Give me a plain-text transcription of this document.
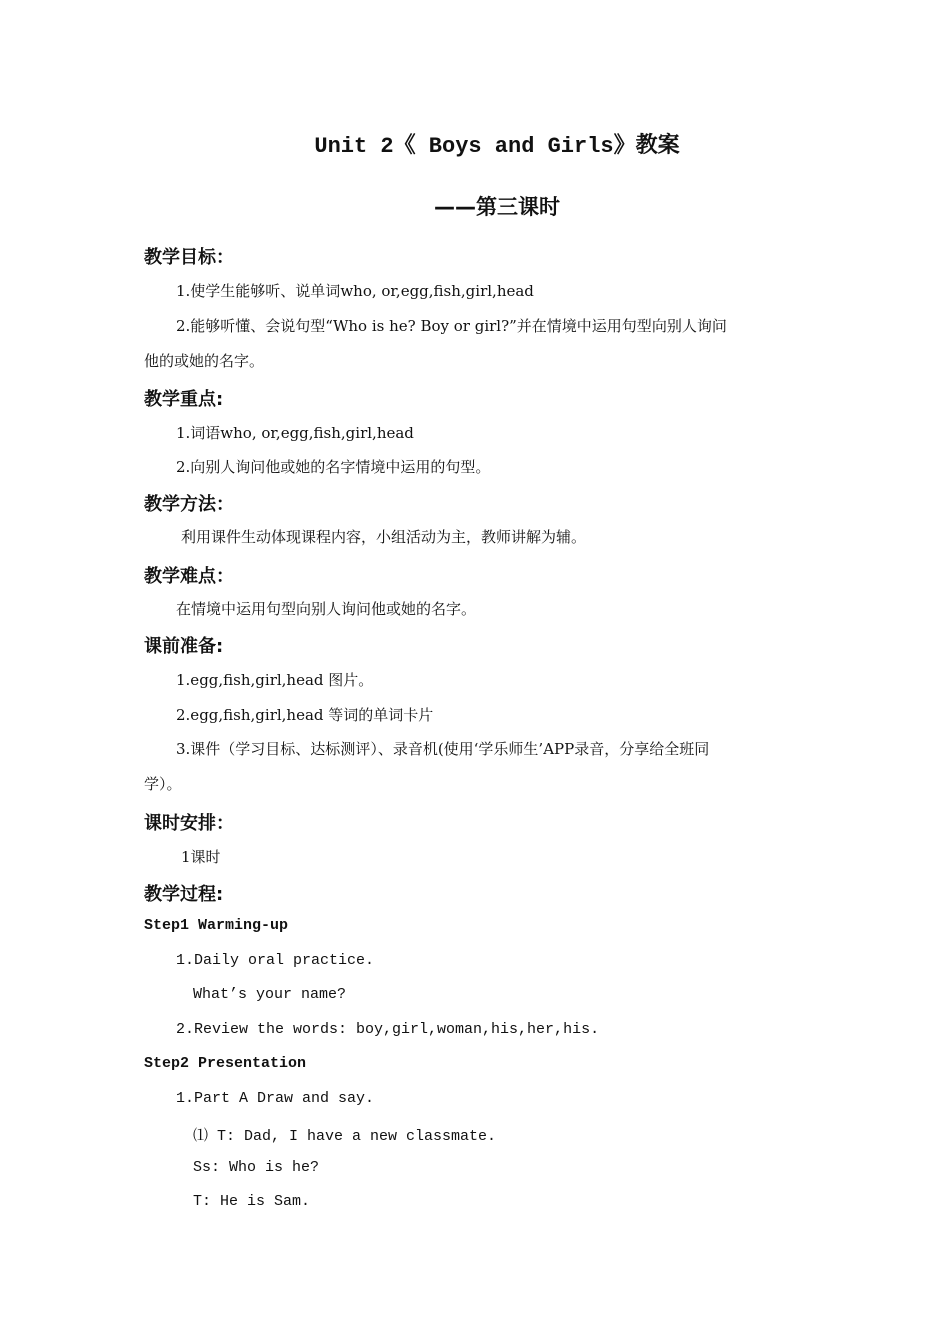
Unit 2《 Boys and Girls》教案
——第三课时
教学目标：
1.使学生能够听、说单词who, or,egg,fish,girl,head
2.能够听懂、会说句型“Who is he? Boy or girl?”并在情境中运用句型向别人询问
他的或她的名字。
教学重点:
1.词语who, or,egg,fish,girl,head
2.向别人询问他或她的名字情境中运用的句型。
教学方法：
利用课件生动体现课程内容，小组活动为主，教师讲解为辅。
教学难点：
在情境中运用句型向别人询问他或她的名字。
课前准备:
1.egg,fish,girl,head 图片。
2.egg,fish,girl,head 等词的单词卡片
3.课件（学习目标、达标测评）、录音机(使用‘学乐师生’APP录音，分享给全班同
学）。
课时安排：
1课时
教学过程:
Step1 Warming-up
1.Daily oral practice.
What’s your name?
2.Review the words: boy,girl,woman,his,her,his.
Step2 Presentation
1.Part A Draw and say.
⑴ T: Dad, I have a new classmate.
Ss: Who is he?
T: He is Sam.
